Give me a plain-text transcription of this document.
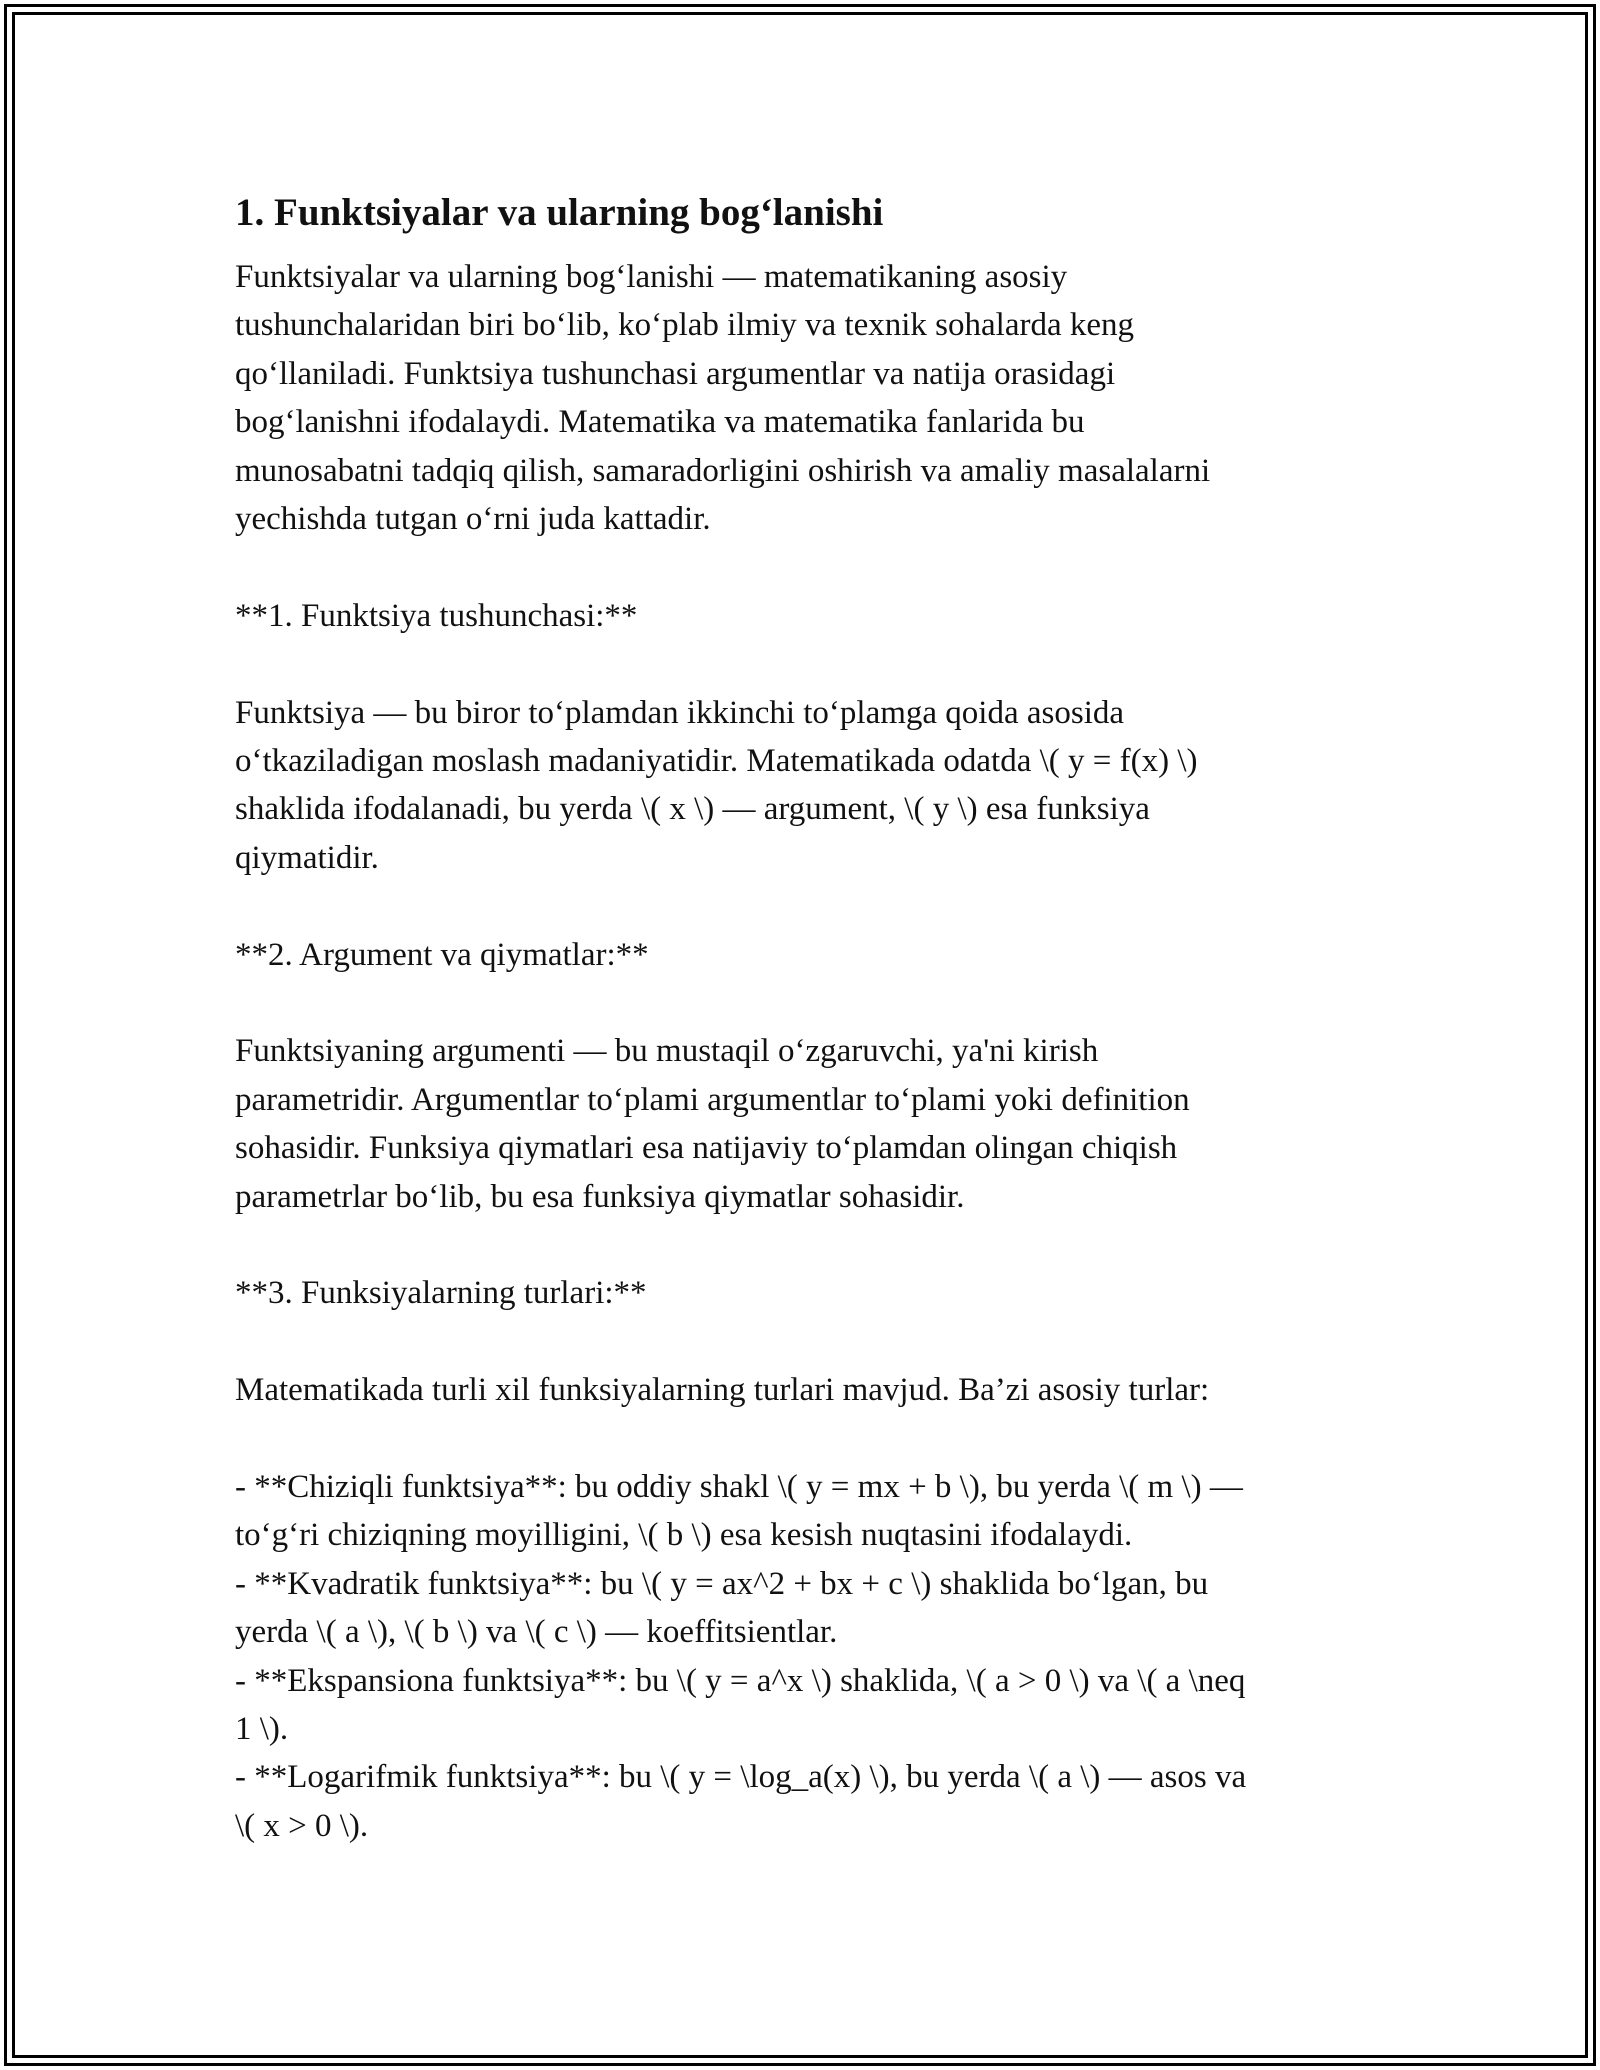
1. Funktsiyalar va ularning bog‘lanishi
Funktsiyalar va ularning bog‘lanishi — matematikaning asosiy
tushunchalaridan biri bo‘lib, ko‘plab ilmiy va texnik sohalarda keng
qo‘llaniladi. Funktsiya tushunchasi argumentlar va natija orasidagi
bog‘lanishni ifodalaydi. Matematika va matematika fanlarida bu
munosabatni tadqiq qilish, samaradorligini oshirish va amaliy masalalarni
yechishda tutgan o‘rni juda kattadir.
**1. Funktsiya tushunchasi:**
Funktsiya — bu biror to‘plamdan ikkinchi to‘plamga qoida asosida
o‘tkaziladigan moslash madaniyatidir. Matematikada odatda \( y = f(x) \)
shaklida ifodalanadi, bu yerda \( x \) — argument, \( y \) esa funksiya
qiymatidir.
**2. Argument va qiymatlar:**
Funktsiyaning argumenti — bu mustaqil o‘zgaruvchi, ya'ni kirish
parametridir. Argumentlar to‘plami argumentlar to‘plami yoki definition
sohasidir. Funksiya qiymatlari esa natijaviy to‘plamdan olingan chiqish
parametrlar bo‘lib, bu esa funksiya qiymatlar sohasidir.
**3. Funksiyalarning turlari:**
Matematikada turli xil funksiyalarning turlari mavjud. Ba’zi asosiy turlar:
- **Chiziqli funktsiya**: bu oddiy shakl \( y = mx + b \), bu yerda \( m \) —
to‘g‘ri chiziqning moyilligini, \( b \) esa kesish nuqtasini ifodalaydi.
- **Kvadratik funktsiya**: bu \( y = ax^2 + bx + c \) shaklida bo‘lgan, bu
yerda \( a \), \( b \) va \( c \) — koeffitsientlar.
- **Ekspansiona funktsiya**: bu \( y = a^x \) shaklida, \( a > 0 \) va \( a \neq
1 \).
- **Logarifmik funktsiya**: bu \( y = \log_a(x) \), bu yerda \( a \) — asos va
\( x > 0 \).
